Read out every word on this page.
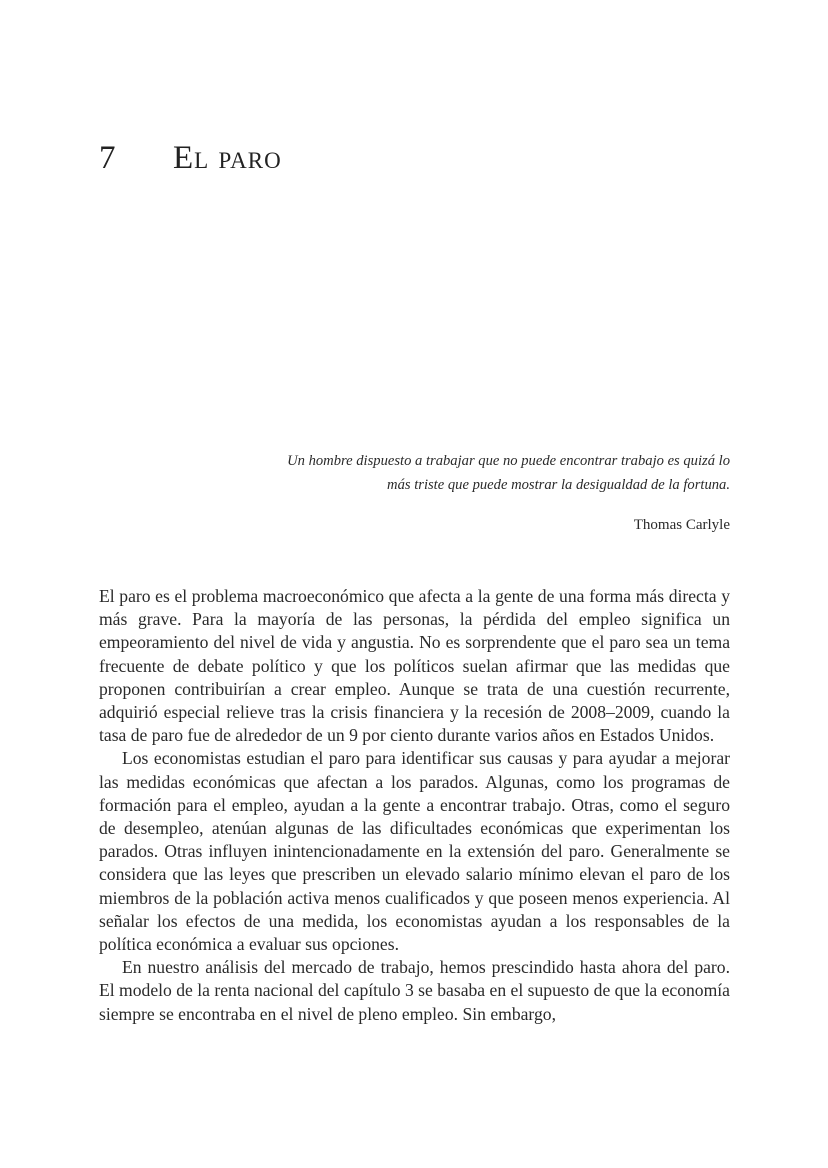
7	El paro

Un hombre dispuesto a trabajar que no puede encontrar trabajo es quizá lo más triste que puede mostrar la desigualdad de la fortuna.

Thomas Carlyle

El paro es el problema macroeconómico que afecta a la gente de una forma más directa y más grave. Para la mayoría de las personas, la pérdida del empleo significa un empeoramiento del nivel de vida y angustia. No es sorprendente que el paro sea un tema frecuente de debate político y que los políticos suelan afirmar que las medidas que proponen contribuirían a crear empleo. Aunque se trata de una cuestión recurrente, adquirió especial relieve tras la crisis financiera y la recesión de 2008–2009, cuando la tasa de paro fue de alrededor de un 9 por ciento durante varios años en Estados Unidos.

Los economistas estudian el paro para identificar sus causas y para ayudar a mejorar las medidas económicas que afectan a los parados. Algunas, como los programas de formación para el empleo, ayudan a la gente a encontrar trabajo. Otras, como el seguro de desempleo, atenúan algunas de las dificultades económicas que experimentan los parados. Otras influyen inintencionadamente en la extensión del paro. Generalmente se considera que las leyes que prescriben un elevado salario mínimo elevan el paro de los miembros de la población activa menos cualificados y que poseen menos experiencia. Al señalar los efectos de una medida, los economistas ayudan a los responsables de la política económica a evaluar sus opciones.

En nuestro análisis del mercado de trabajo, hemos prescindido hasta ahora del paro. El modelo de la renta nacional del capítulo 3 se basaba en el supuesto de que la economía siempre se encontraba en el nivel de pleno empleo. Sin embargo,
